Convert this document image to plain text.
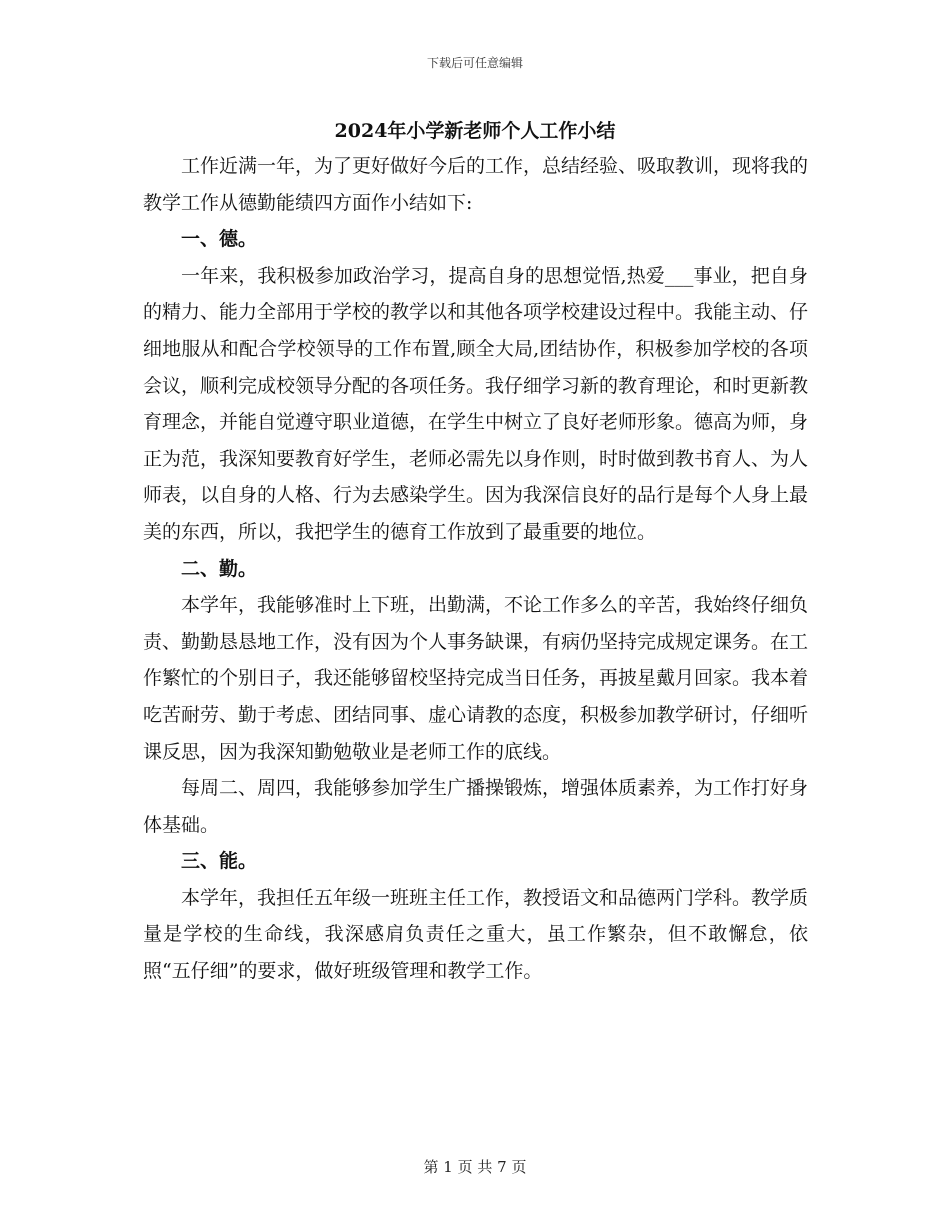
下载后可任意编辑
2024年小学新老师个人工作小结

工作近满一年，为了更好做好今后的工作，总结经验、吸取教训，现将我的教学工作从德勤能绩四方面作小结如下:

一、德。

一年来，我积极参加政治学习，提高自身的思想觉悟,热爱___事业，把自身的精力、能力全部用于学校的教学以和其他各项学校建设过程中。我能主动、仔细地服从和配合学校领导的工作布置,顾全大局,团结协作，积极参加学校的各项会议，顺利完成校领导分配的各项任务。我仔细学习新的教育理论，和时更新教育理念，并能自觉遵守职业道德，在学生中树立了良好老师形象。德高为师，身正为范，我深知要教育好学生，老师必需先以身作则，时时做到教书育人、为人师表，以自身的人格、行为去感染学生。因为我深信良好的品行是每个人身上最美的东西，所以，我把学生的德育工作放到了最重要的地位。

二、勤。

本学年，我能够准时上下班，出勤满，不论工作多么的辛苦，我始终仔细负责、勤勤恳恳地工作，没有因为个人事务缺课，有病仍坚持完成规定课务。在工作繁忙的个别日子，我还能够留校坚持完成当日任务，再披星戴月回家。我本着吃苦耐劳、勤于考虑、团结同事、虚心请教的态度，积极参加教学研讨，仔细听课反思，因为我深知勤勉敬业是老师工作的底线。

每周二、周四，我能够参加学生广播操锻炼，增强体质素养，为工作打好身体基础。

三、能。

本学年，我担任五年级一班班主任工作，教授语文和品德两门学科。教学质量是学校的生命线，我深感肩负责任之重大，虽工作繁杂，但不敢懈怠，依照“五仔细”的要求，做好班级管理和教学工作。

第 1 页 共 7 页
